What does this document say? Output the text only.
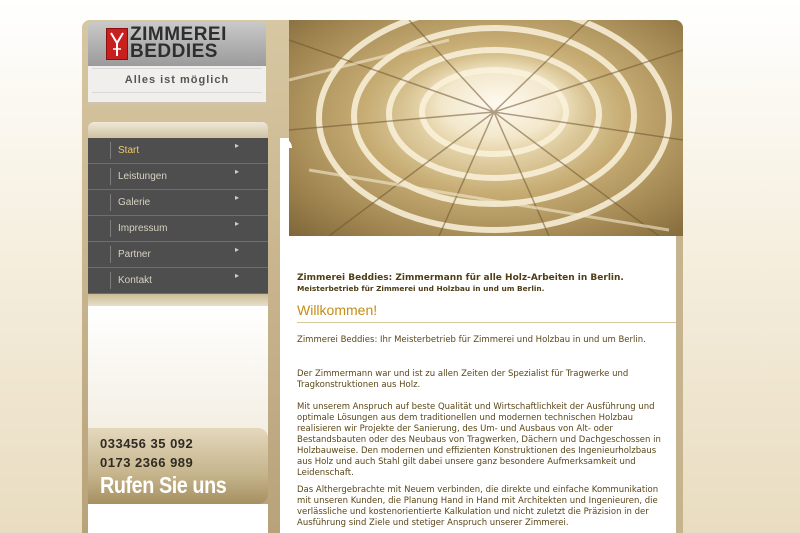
ZIMMEREI
BEDDIES
Alles ist möglich
Start	▸
Leistungen	▸
Galerie	▸
Impressum	▸
Partner	▸
Kontakt	▸
033456 35 092
0173 2366 989
Rufen Sie uns
Zimmerei Beddies: Zimmermann für alle Holz-Arbeiten in Berlin.
Meisterbetrieb für Zimmerei und Holzbau in und um Berlin.
Willkommen!

Zimmerei Beddies: Ihr Meisterbetrieb für Zimmerei und Holzbau in und um Berlin.

Der Zimmermann war und ist zu allen Zeiten der Spezialist für Tragwerke und Tragkonstruktionen aus Holz.

Mit unserem Anspruch auf beste Qualität und Wirtschaftlichkeit der Ausführung und optimale Lösungen aus dem traditionellen und modernen technischen Holzbau realisieren wir Projekte der Sanierung, des Um- und Ausbaus von Alt- oder Bestandsbauten oder des Neubaus von Tragwerken, Dächern und Dachgeschossen in Holzbauweise. Den modernen und effizienten Konstruktionen des Ingenieurholzbaus aus Holz und auch Stahl gilt dabei unsere ganz besondere Aufmerksamkeit und Leidenschaft.

Das Althergebrachte mit Neuem verbinden, die direkte und einfache Kommunikation mit unseren Kunden, die Planung Hand in Hand mit Architekten und Ingenieuren, die verlässliche und kostenorientierte Kalkulation und nicht zuletzt die Präzision in der Ausführung sind Ziele und stetiger Anspruch unserer Zimmerei.
